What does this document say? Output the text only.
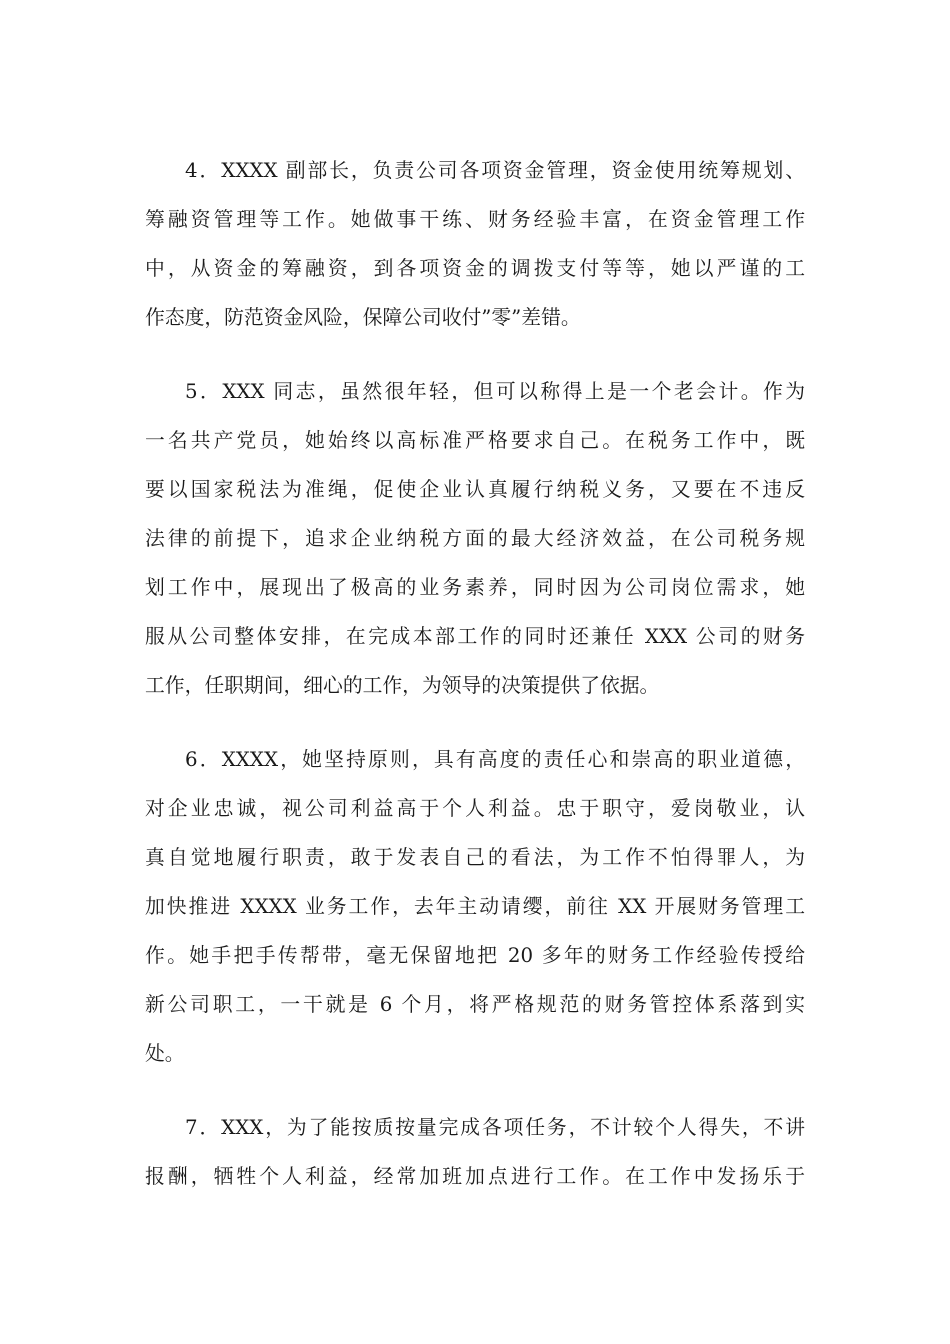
4．XXXX 副部长，负责公司各项资金管理，资金使用统筹规划、
筹融资管理等工作。她做事干练、财务经验丰富，在资金管理工作
中，从资金的筹融资，到各项资金的调拨支付等等，她以严谨的工
作态度，防范资金风险，保障公司收付”零”差错。
5．XXX 同志，虽然很年轻，但可以称得上是一个老会计。作为
一名共产党员，她始终以高标准严格要求自己。在税务工作中，既
要以国家税法为准绳，促使企业认真履行纳税义务，又要在不违反
法律的前提下，追求企业纳税方面的最大经济效益，在公司税务规
划工作中，展现出了极高的业务素养，同时因为公司岗位需求，她
服从公司整体安排，在完成本部工作的同时还兼任 XXX 公司的财务
工作，任职期间，细心的工作，为领导的决策提供了依据。
6．XXXX，她坚持原则，具有高度的责任心和崇高的职业道德，
对企业忠诚，视公司利益高于个人利益。忠于职守，爱岗敬业，认
真自觉地履行职责，敢于发表自己的看法，为工作不怕得罪人，为
加快推进 XXXX 业务工作，去年主动请缨，前往 XX 开展财务管理工
作。她手把手传帮带，毫无保留地把 20 多年的财务工作经验传授给
新公司职工，一干就是 6 个月，将严格规范的财务管控体系落到实
处。
7．XXX，为了能按质按量完成各项任务，不计较个人得失，不讲
报酬，牺牲个人利益，经常加班加点进行工作。在工作中发扬乐于
